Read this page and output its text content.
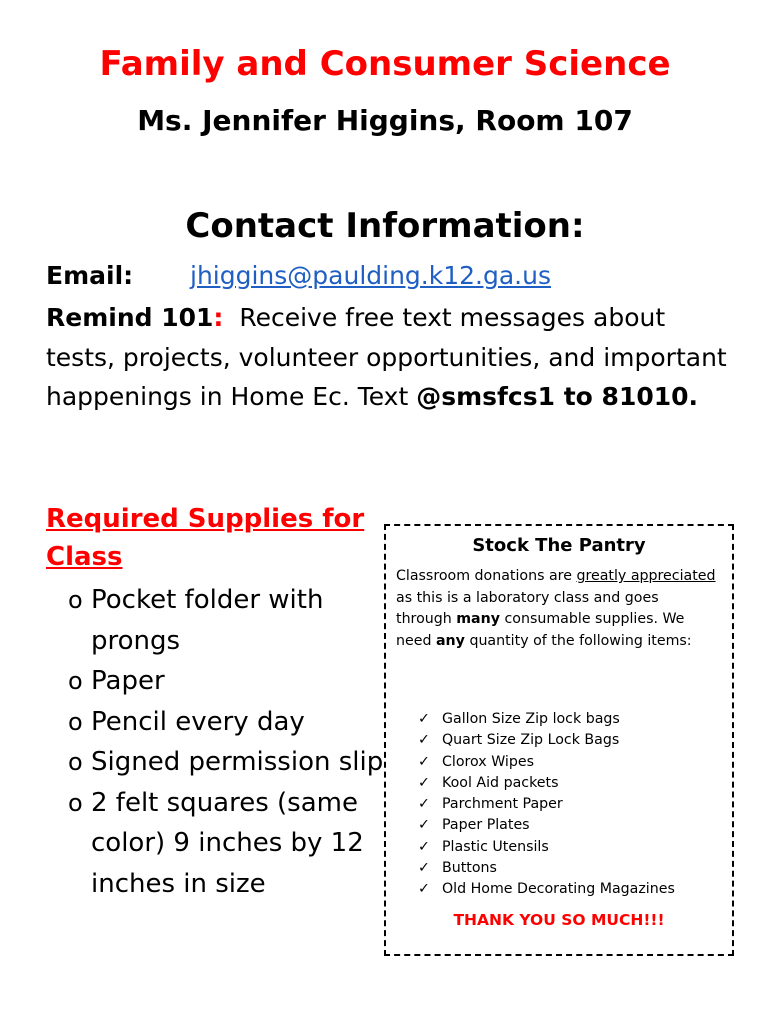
Family and Consumer Science
Ms. Jennifer Higgins, Room 107
Contact Information:
Email: jhiggins@paulding.k12.ga.us
Remind 101: Receive free text messages about tests, projects, volunteer opportunities, and important happenings in Home Ec. Text @smsfcs1 to 81010.
Required Supplies for Class
o Pocket folder with prongs
o Paper
o Pencil every day
o Signed permission slip
o 2 felt squares (same color) 9 inches by 12 inches in size
Stock The Pantry
Classroom donations are greatly appreciated as this is a laboratory class and goes through many consumable supplies. We need any quantity of the following items:
✓ Gallon Size Zip lock bags
✓ Quart Size Zip Lock Bags
✓ Clorox Wipes
✓ Kool Aid packets
✓ Parchment Paper
✓ Paper Plates
✓ Plastic Utensils
✓ Buttons
✓ Old Home Decorating Magazines
THANK YOU SO MUCH!!!
